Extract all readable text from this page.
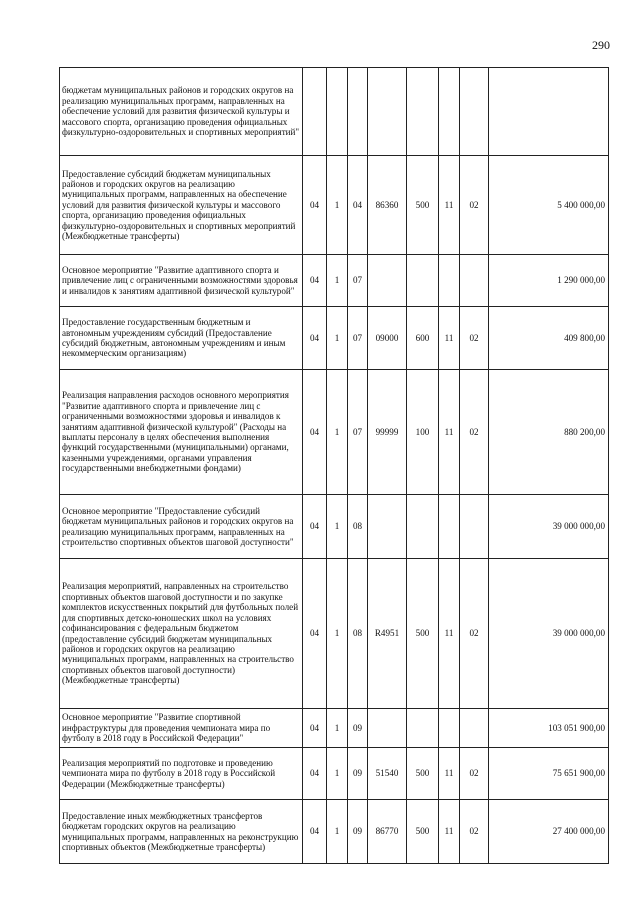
290
бюджетам муниципальных районов и городских округов на реализацию муниципальных программ, направленных на обеспечение условий для развития физической культуры и массового спорта, организацию проведения официальных физкультурно-оздоровительных и спортивных мероприятий"								
Предоставление субсидий бюджетам муниципальных районов и городских округов на реализацию муниципальных программ, направленных на обеспечение условий для развития физической культуры и массового спорта, организацию проведения официальных физкультурно-оздоровительных и спортивных мероприятий (Межбюджетные трансферты)	04	1	04	86360	500	11	02	5 400 000,00
Основное мероприятие "Развитие адаптивного спорта и привлечение лиц с ограниченными возможностями здоровья и инвалидов к занятиям адаптивной физической культурой"	04	1	07					1 290 000,00
Предоставление государственным бюджетным и автономным учреждениям субсидий (Предоставление субсидий бюджетным, автономным учреждениям и иным некоммерческим организациям)	04	1	07	09000	600	11	02	409 800,00
Реализация направления расходов основного мероприятия "Развитие адаптивного спорта и привлечение лиц с ограниченными возможностями здоровья и инвалидов к занятиям адаптивной физической культурой" (Расходы на выплаты персоналу в целях обеспечения выполнения функций государственными (муниципальными) органами, казенными учреждениями, органами управления государственными внебюджетными фондами)	04	1	07	99999	100	11	02	880 200,00
Основное мероприятие "Предоставление субсидий бюджетам муниципальных районов и городских округов на реализацию муниципальных программ, направленных на строительство спортивных объектов шаговой доступности"	04	1	08					39 000 000,00
Реализация мероприятий, направленных на строительство спортивных объектов шаговой доступности и по закупке комплектов искусственных покрытий для футбольных полей для спортивных детско-юношеских школ на условиях софинансирования с федеральным бюджетом (предоставление субсидий бюджетам муниципальных районов и городских округов на реализацию муниципальных программ, направленных на строительство спортивных объектов шаговой доступности) (Межбюджетные трансферты)	04	1	08	R4951	500	11	02	39 000 000,00
Основное мероприятие "Развитие спортивной инфраструктуры для проведения чемпионата мира по футболу в 2018 году в Российской Федерации"	04	1	09					103 051 900,00
Реализация мероприятий по подготовке и проведению чемпионата мира по футболу в 2018 году в Российской Федерации (Межбюджетные трансферты)	04	1	09	51540	500	11	02	75 651 900,00
Предоставление иных межбюджетных трансфертов бюджетам городских округов на реализацию муниципальных программ, направленных на реконструкцию спортивных объектов (Межбюджетные трансферты)	04	1	09	86770	500	11	02	27 400 000,00
